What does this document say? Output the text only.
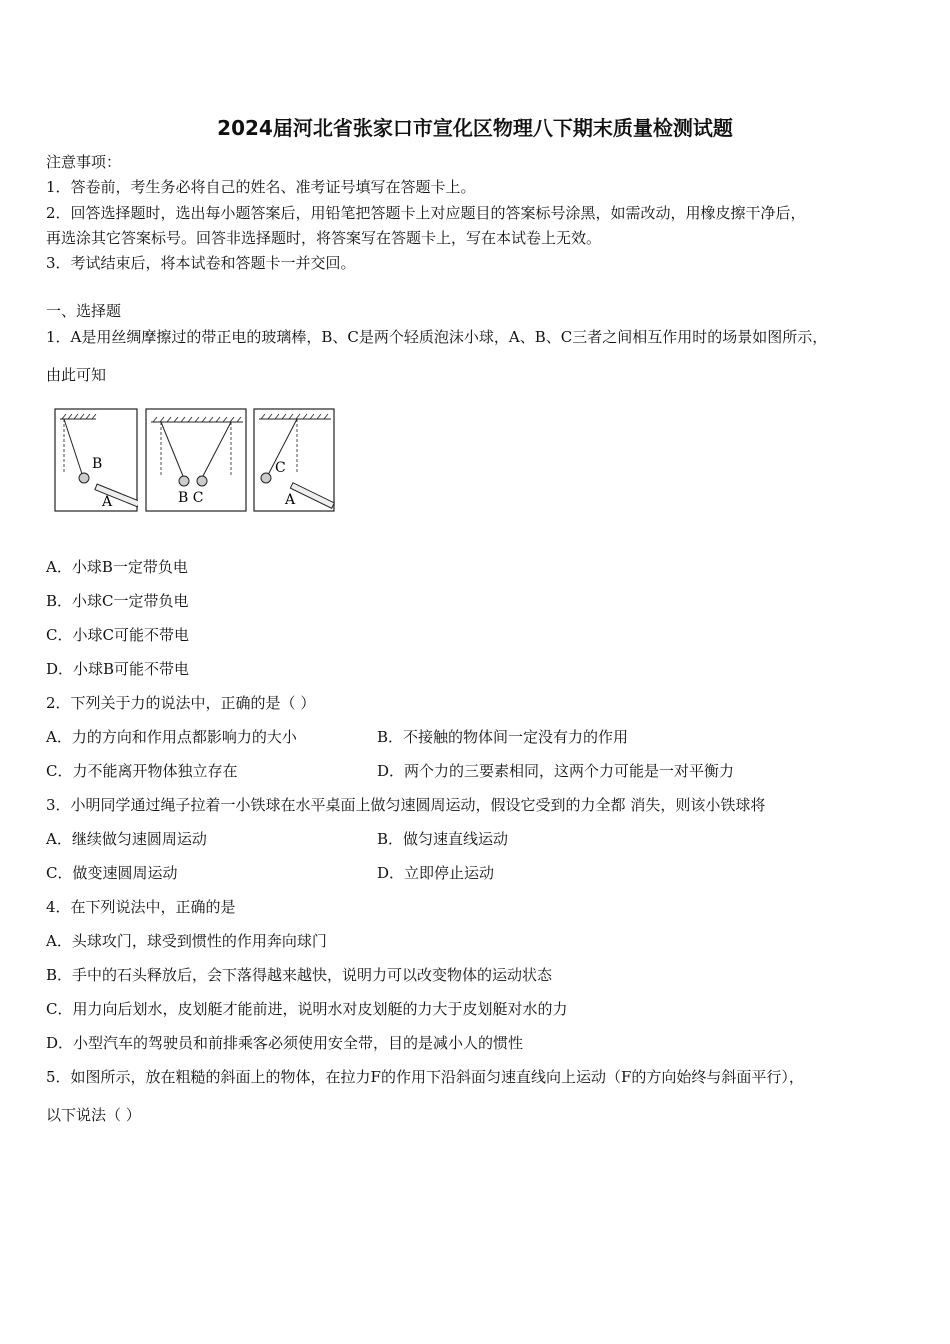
2024届河北省张家口市宣化区物理八下期末质量检测试题
注意事项：
1．答卷前，考生务必将自己的姓名、准考证号填写在答题卡上。
2．回答选择题时，选出每小题答案后，用铅笔把答题卡上对应题目的答案标号涂黑，如需改动，用橡皮擦干净后，
再选涂其它答案标号。回答非选择题时，将答案写在答题卡上，写在本试卷上无效。
3．考试结束后，将本试卷和答题卡一并交回。
一、选择题
1．A是用丝绸摩擦过的带正电的玻璃棒，B、C是两个轻质泡沫小球，A、B、C三者之间相互作用时的场景如图所示，
由此可知
B
A	B C
C
A
A．小球B一定带负电
B．小球C一定带负电
C．小球C可能不带电
D．小球B可能不带电
2．下列关于力的说法中，正确的是（ ）
A．力的方向和作用点都影响力的大小	B．不接触的物体间一定没有力的作用
C．力不能离开物体独立存在	D．两个力的三要素相同，这两个力可能是一对平衡力
3．小明同学通过绳子拉着一小铁球在水平桌面上做匀速圆周运动，假设它受到的力全都 消失，则该小铁球将
A．继续做匀速圆周运动	B．做匀速直线运动
C．做变速圆周运动	D．立即停止运动
4．在下列说法中，正确的是
A．头球攻门，球受到惯性的作用奔向球门
B．手中的石头释放后，会下落得越来越快，说明力可以改变物体的运动状态
C．用力向后划水，皮划艇才能前进，说明水对皮划艇的力大于皮划艇对水的力
D．小型汽车的驾驶员和前排乘客必须使用安全带，目的是减小人的惯性
5．如图所示，放在粗糙的斜面上的物体，在拉力F的作用下沿斜面匀速直线向上运动（F的方向始终与斜面平行），
以下说法（ ）
